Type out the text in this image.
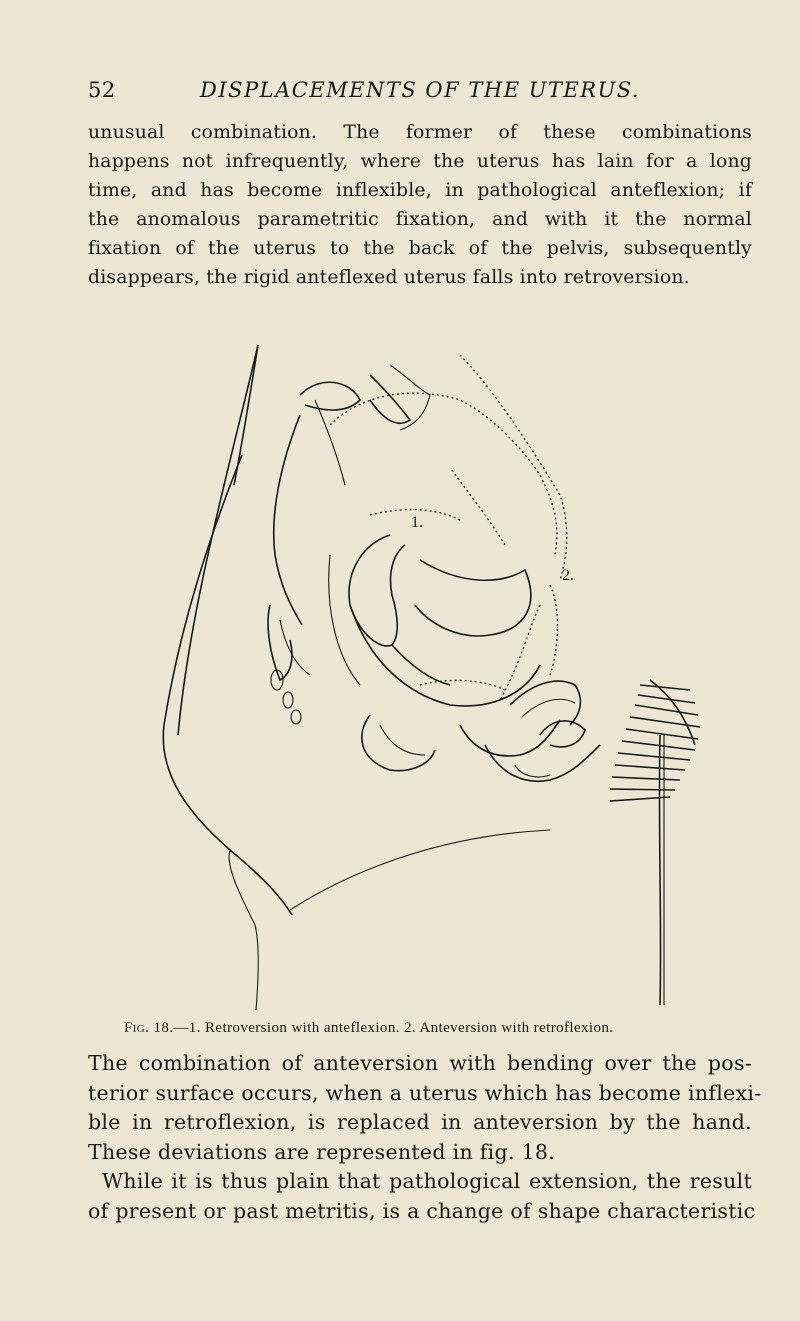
52	DISPLACEMENTS OF THE UTERUS.
unusual combination. The former of these combinations
happens not infrequently, where the uterus has lain for a long
time, and has become inflexible, in pathological anteflexion; if
the anomalous parametritic fixation, and with it the normal
fixation of the uterus to the back of the pelvis, subsequently
disappears, the rigid anteflexed uterus falls into retroversion.
1.
2.
Fig. 18.—1. Retroversion with anteflexion. 2. Anteversion with retroflexion.
The combination of anteversion with bending over the pos-
terior surface occurs, when a uterus which has become inflexi-
ble in retroflexion, is replaced in anteversion by the hand.
These deviations are represented in fig. 18.
While it is thus plain that pathological extension, the result
of present or past metritis, is a change of shape characteristic
